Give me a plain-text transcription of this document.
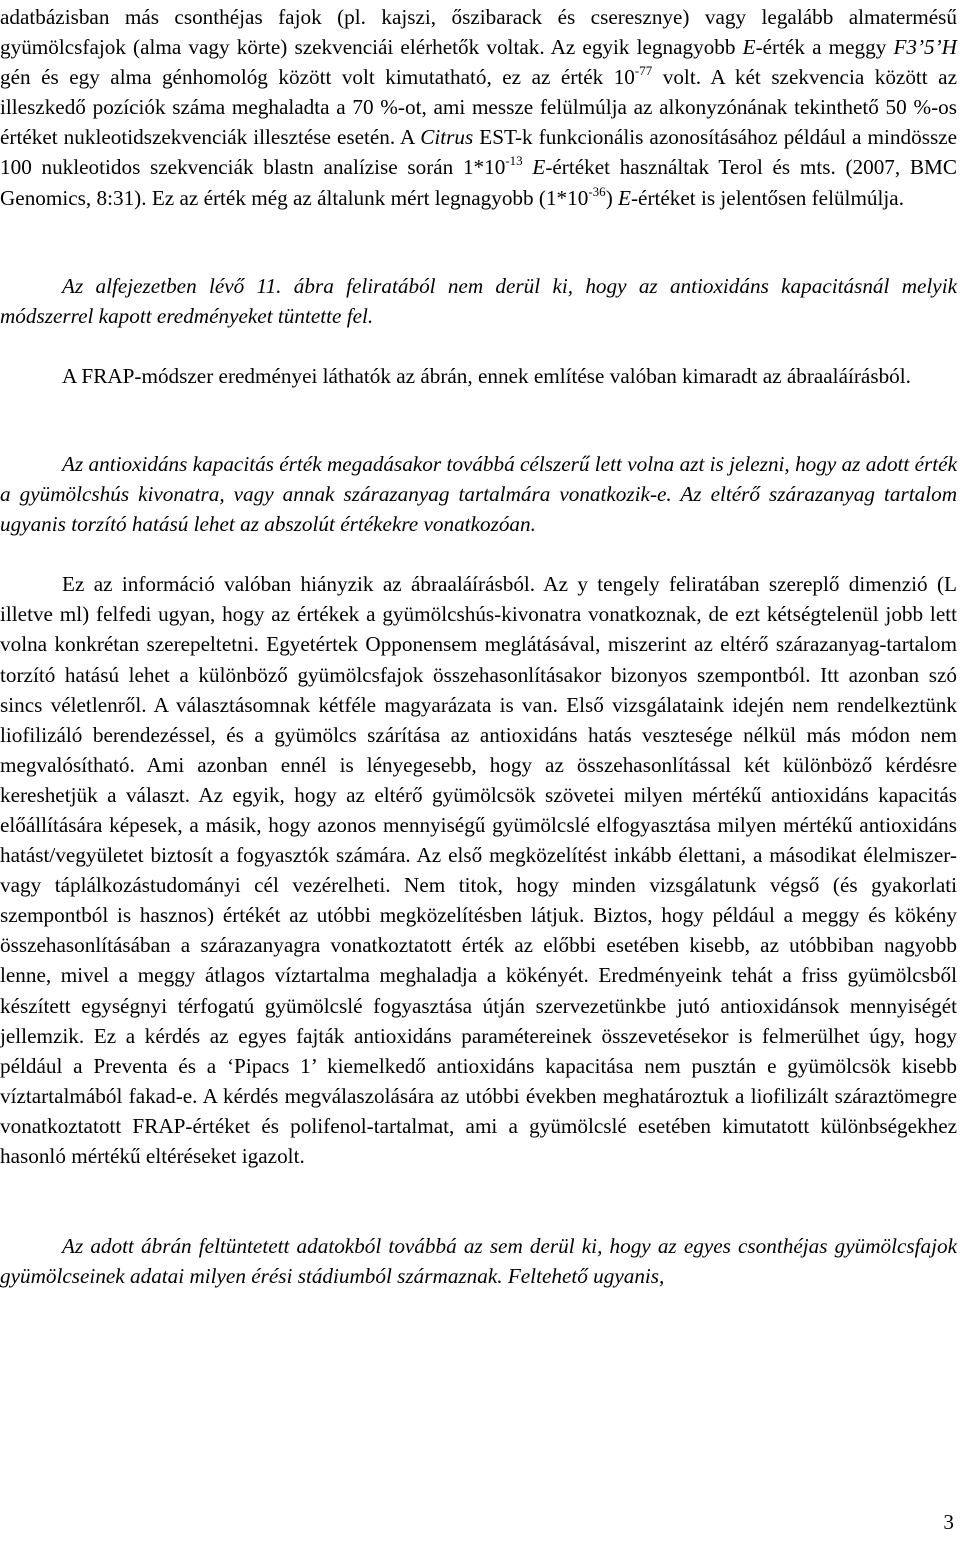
adatbázisban más csonthéjas fajok (pl. kajszi, őszibarack és cseresznye) vagy legalább almatermésű gyümölcsfajok (alma vagy körte) szekvenciái elérhetők voltak. Az egyik legnagyobb E-érték a meggy F3’5’H gén és egy alma génhomológ között volt kimutatható, ez az érték $10^{-77}$ volt. A két szekvencia között az illeszkedő pozíciók száma meghaladta a 70 %-ot, ami messze felülmúlja az alkonyzónának tekinthető 50 %-os értéket nukleotidszekvenciák illesztése esetén. A Citrus EST-k funkcionális azonosításához például a mindössze 100 nukleotidos szekvenciák blastn analízise során $1*10^{-13}$ E-értéket használtak Terol és mts. (2007, BMC Genomics, 8:31). Ez az érték még az általunk mért legnagyobb $(1*10^{-36})$ E-értéket is jelentősen felülmúlja.

Az alfejezetben lévő 11. ábra feliratából nem derül ki, hogy az antioxidáns kapacitásnál melyik módszerrel kapott eredményeket tüntette fel.

A FRAP-módszer eredményei láthatók az ábrán, ennek említése valóban kimaradt az ábraaláírásból.

Az antioxidáns kapacitás érték megadásakor továbbá célszerű lett volna azt is jelezni, hogy az adott érték a gyümölcshús kivonatra, vagy annak szárazanyag tartalmára vonatkozik-e. Az eltérő szárazanyag tartalom ugyanis torzító hatású lehet az abszolút értékekre vonatkozóan.

Ez az információ valóban hiányzik az ábraaláírásból. Az y tengely feliratában szereplő dimenzió (L illetve ml) felfedi ugyan, hogy az értékek a gyümölcshús-kivonatra vonatkoznak, de ezt kétségtelenül jobb lett volna konkrétan szerepeltetni. Egyetértek Opponensem meglátásával, miszerint az eltérő szárazanyag-tartalom torzító hatású lehet a különböző gyümölcsfajok összehasonlításakor bizonyos szempontból. Itt azonban szó sincs véletlenről. A választásomnak kétféle magyarázata is van. Első vizsgálataink idején nem rendelkeztünk liofilizáló berendezéssel, és a gyümölcs szárítása az antioxidáns hatás vesztesége nélkül más módon nem megvalósítható. Ami azonban ennél is lényegesebb, hogy az összehasonlítással két különböző kérdésre kereshetjük a választ. Az egyik, hogy az eltérő gyümölcsök szövetei milyen mértékű antioxidáns kapacitás előállítására képesek, a másik, hogy azonos mennyiségű gyümölcslé elfogyasztása milyen mértékű antioxidáns hatást/vegyületet biztosít a fogyasztók számára. Az első megközelítést inkább élettani, a másodikat élelmiszer- vagy táplálkozástudományi cél vezérelheti. Nem titok, hogy minden vizsgálatunk végső (és gyakorlati szempontból is hasznos) értékét az utóbbi megközelítésben látjuk. Biztos, hogy például a meggy és kökény összehasonlításában a szárazanyagra vonatkoztatott érték az előbbi esetében kisebb, az utóbbiban nagyobb lenne, mivel a meggy átlagos víztartalma meghaladja a kökényét. Eredményeink tehát a friss gyümölcsből készített egységnyi térfogatú gyümölcslé fogyasztása útján szervezetünkbe jutó antioxidánsok mennyiségét jellemzik. Ez a kérdés az egyes fajták antioxidáns paramétereinek összevetésekor is felmerülhet úgy, hogy például a Preventa és a ‘Pipacs 1’ kiemelkedő antioxidáns kapacitása nem pusztán e gyümölcsök kisebb víztartalmából fakad-e. A kérdés megválaszolására az utóbbi években meghatároztuk a liofilizált száraztömegre vonatkoztatott FRAP-értéket és polifenol-tartalmat, ami a gyümölcslé esetében kimutatott különbségekhez hasonló mértékű eltéréseket igazolt.

Az adott ábrán feltüntetett adatokból továbbá az sem derül ki, hogy az egyes csonthéjas gyümölcsfajok gyümölcseinek adatai milyen érési stádiumból származnak. Feltehető ugyanis,

3
